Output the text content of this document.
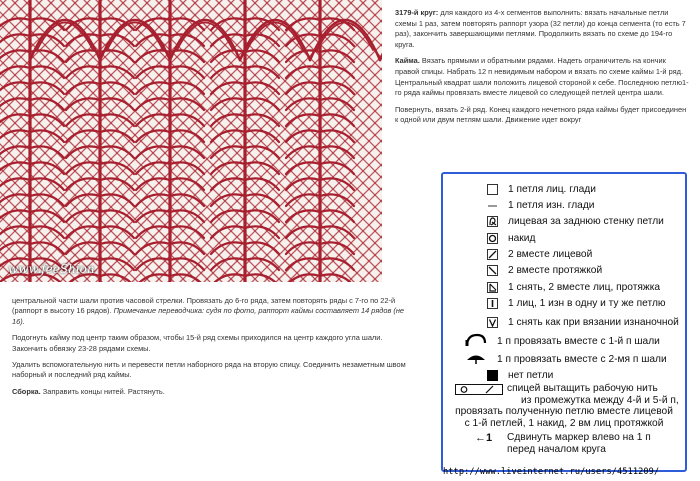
www.feeShion.

3179-й круг: для каждого из 4-х сегментов выполнить: вязать начальные петли схемы 1 раз, затем повторять раппорт узора (32 петли) до конца сегмента (то есть 7 раз), закончить завершающими петлями. Продолжить вязать по схеме до 194-го круга.

Кайма. Вязать прямыми и обратными рядами. Надеть ограничитель на кончик правой спицы. Набрать 12 п невидимым набором и вязать по схеме каймы 1-й ряд. Центральный квадрат шали положить лицевой стороной к себе. Последнюю петлю1-го ряда каймы провязать вместе лицевой со следующей петлей центра шали.

Повернуть, вязать 2-й ряд. Конец каждого нечетного ряда каймы будет присоединен к одной или двум петлям шали. Движение идет вокруг

центральной части шали против часовой стрелки. Провязать до 6-го ряда, затем повторять ряды с 7-го по 22-й (раппорт в высоту 16 рядов). Примечание переводчика: судя по фото, раппорт каймы составляет 14 рядов (не 16).

Подогнуть кайму под центр таким образом, чтобы 15-й ряд схемы приходился на центр каждого угла шали. Закончить обвязку 23-28 рядами схемы.

Удалить вспомогательную нить и перевести петли наборного ряда на вторую спицу. Соединить незаметным швом наборный и последний ряд каймы.

Сборка. Заправить концы нитей. Растянуть.

1 петля лиц. глади
1 петля изн. глади
лицевая за заднюю стенку петли
накид
2 вместе лицевой
2 вместе протяжкой
1 снять, 2 вместе лиц, протяжка
1 лиц, 1 изн в одну и ту же петлю
1 снять как при вязании изнаночной
1 п провязать вместе с 1-й п шали
1 п провязать вместе с 2-мя п шали
нет петли
спицей вытащить рабочую нить
из промежутка между 4-й и 5-й п,
провязать полученную петлю вместе лицевой
с 1-й петлей, 1 накид, 2 вм лиц протяжкой
←1 Сдвинуть маркер влево на 1 п
перед началом круга
http://www.liveinternet.ru/users/4511209/
